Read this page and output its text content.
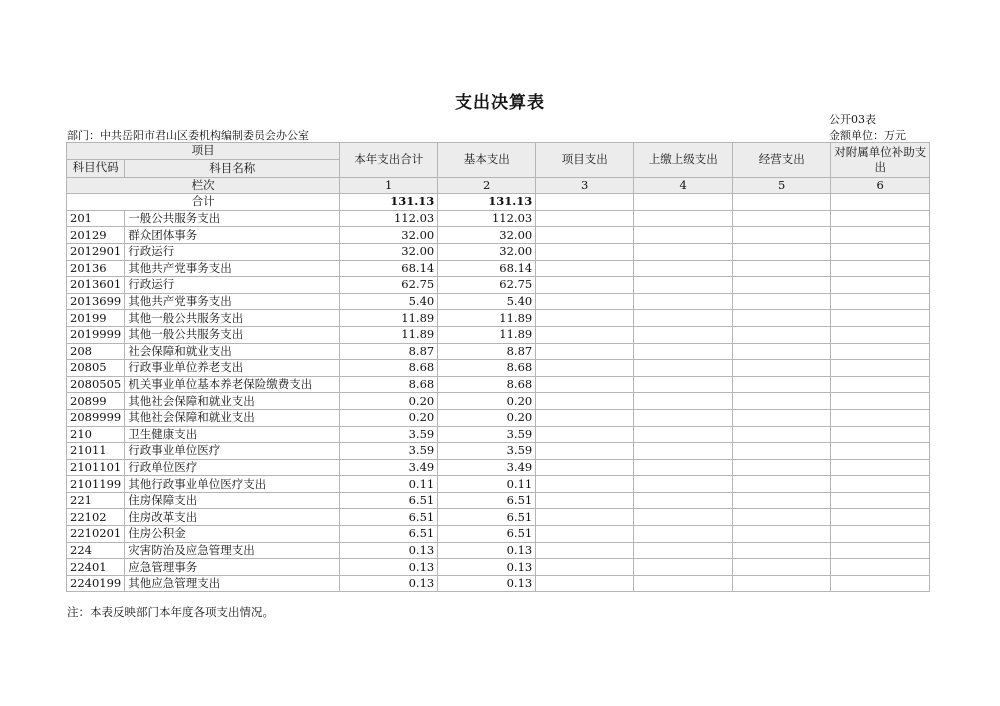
支出决算表
公开03表
部门：中共岳阳市君山区委机构编制委员会办公室	金额单位：万元
项目		本年支出合计	基本支出	项目支出	上缴上级支出	经营支出	对附属单位补助支出
科目代码	科目名称						
栏次		1	2	3	4	5	6
合计		131.13	131.13				
201	一般公共服务支出	112.03	112.03				
20129	群众团体事务	32.00	32.00				
2012901	行政运行	32.00	32.00				
20136	其他共产党事务支出	68.14	68.14				
2013601	行政运行	62.75	62.75				
2013699	其他共产党事务支出	5.40	5.40				
20199	其他一般公共服务支出	11.89	11.89				
2019999	其他一般公共服务支出	11.89	11.89				
208	社会保障和就业支出	8.87	8.87				
20805	行政事业单位养老支出	8.68	8.68				
2080505	机关事业单位基本养老保险缴费支出	8.68	8.68				
20899	其他社会保障和就业支出	0.20	0.20				
2089999	其他社会保障和就业支出	0.20	0.20				
210	卫生健康支出	3.59	3.59				
21011	行政事业单位医疗	3.59	3.59				
2101101	行政单位医疗	3.49	3.49				
2101199	其他行政事业单位医疗支出	0.11	0.11				
221	住房保障支出	6.51	6.51				
22102	住房改革支出	6.51	6.51				
2210201	住房公积金	6.51	6.51				
224	灾害防治及应急管理支出	0.13	0.13				
22401	应急管理事务	0.13	0.13				
2240199	其他应急管理支出	0.13	0.13				
注：本表反映部门本年度各项支出情况。
